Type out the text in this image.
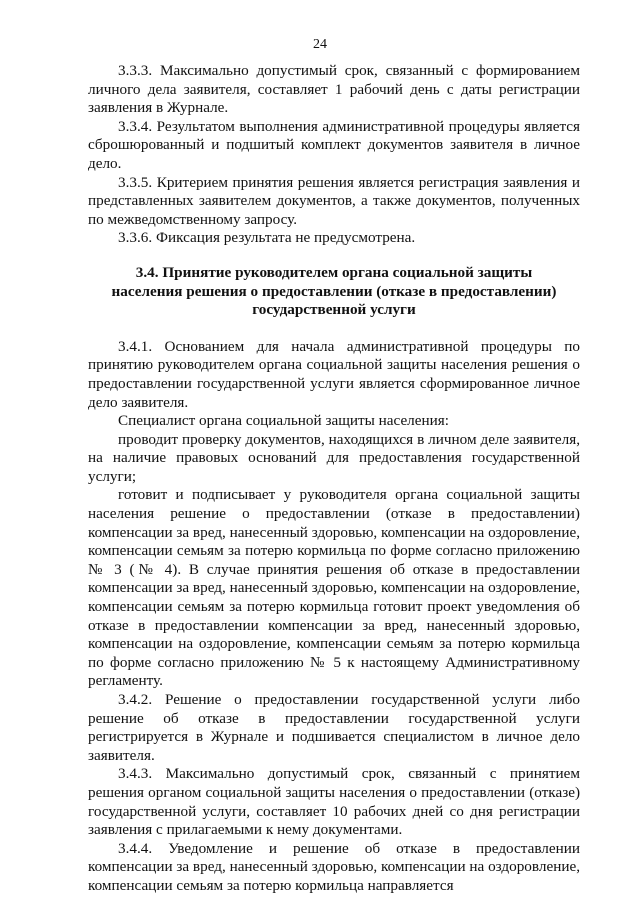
24

3.3.3. Максимально допустимый срок, связанный с формированием личного дела заявителя, составляет 1 рабочий день с даты регистрации заявления в Журнале.

3.3.4. Результатом выполнения административной процедуры является сброшюрованный и подшитый комплект документов заявителя в личное дело.

3.3.5. Критерием принятия решения является регистрация заявления и представленных заявителем документов, а также документов, полученных по межведомственному запросу.

3.3.6. Фиксация результата не предусмотрена.

3.4. Принятие руководителем органа социальной защиты населения решения о предоставлении (отказе в предоставлении) государственной услуги

3.4.1. Основанием для начала административной процедуры по принятию руководителем органа социальной защиты населения решения о предоставлении государственной услуги является сформированное личное дело заявителя.

Специалист органа социальной защиты населения:

проводит проверку документов, находящихся в личном деле заявителя, на наличие правовых оснований для предоставления государственной услуги;

готовит и подписывает у руководителя органа социальной защиты населения решение о предоставлении (отказе в предоставлении) компенсации за вред, нанесенный здоровью, компенсации на оздоровление, компенсации семьям за потерю кормильца по форме согласно приложению № 3 (№ 4). В случае принятия решения об отказе в предоставлении компенсации за вред, нанесенный здоровью, компенсации на оздоровление, компенсации семьям за потерю кормильца готовит проект уведомления об отказе в предоставлении компенсации за вред, нанесенный здоровью, компенсации на оздоровление, компенсации семьям за потерю кормильца по форме согласно приложению № 5 к настоящему Административному регламенту.

3.4.2. Решение о предоставлении государственной услуги либо решение об отказе в предоставлении государственной услуги регистрируется в Журнале и подшивается специалистом в личное дело заявителя.

3.4.3. Максимально допустимый срок, связанный с принятием решения органом социальной защиты населения о предоставлении (отказе) государственной услуги, составляет 10 рабочих дней со дня регистрации заявления с прилагаемыми к нему документами.

3.4.4. Уведомление и решение об отказе в предоставлении компенсации за вред, нанесенный здоровью, компенсации на оздоровление, компенсации семьям за потерю кормильца направляется
